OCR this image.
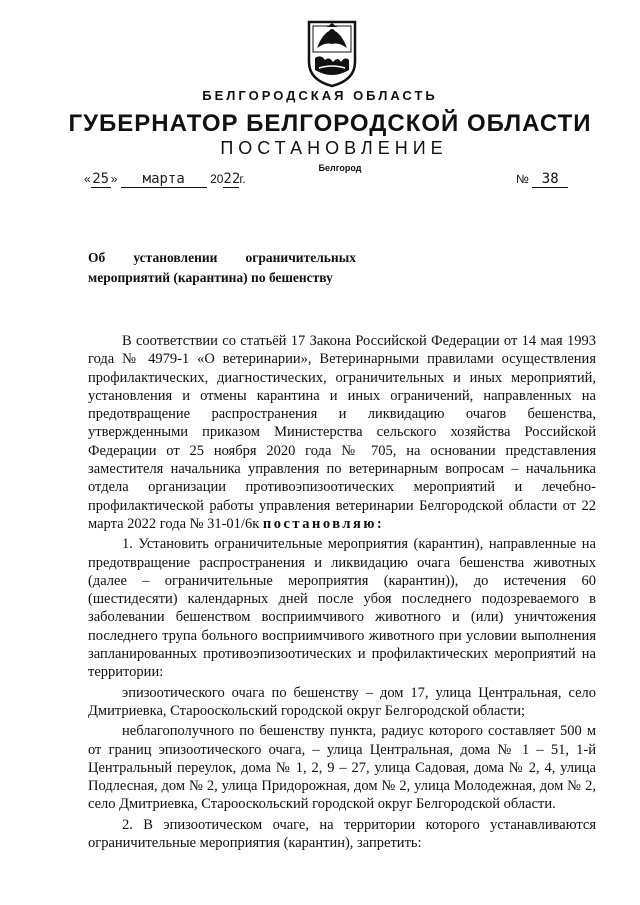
БЕЛГОРОДСКАЯ ОБЛАСТЬ
ГУБЕРНАТОР БЕЛГОРОДСКОЙ ОБЛАСТИ
ПОСТАНОВЛЕНИЕ
Белгород
« 25 » марта 2022г.	№ 38
Об установлении ограничительных мероприятий (карантина) по бешенству

В соответствии со статьёй 17 Закона Российской Федерации от 14 мая 1993 года № 4979-1 «О ветеринарии», Ветеринарными правилами осуществления профилактических, диагностических, ограничительных и иных мероприятий, установления и отмены карантина и иных ограничений, направленных на предотвращение распространения и ликвидацию очагов бешенства, утвержденными приказом Министерства сельского хозяйства Российской Федерации от 25 ноября 2020 года № 705, на основании представления заместителя начальника управления по ветеринарным вопросам – начальника отдела организации противоэпизоотических мероприятий и лечебно-профилактической работы управления ветеринарии Белгородской области от 22 марта 2022 года № 31-01/6к постановляю:

1. Установить ограничительные мероприятия (карантин), направленные на предотвращение распространения и ликвидацию очага бешенства животных (далее – ограничительные мероприятия (карантин)), до истечения 60 (шестидесяти) календарных дней после убоя последнего подозреваемого в заболевании бешенством восприимчивого животного и (или) уничтожения последнего трупа больного восприимчивого животного при условии выполнения запланированных противоэпизоотических и профилактических мероприятий на территории:

эпизоотического очага по бешенству – дом 17, улица Центральная, село Дмитриевка, Старооскольский городской округ Белгородской области;

неблагополучного по бешенству пункта, радиус которого составляет 500 м от границ эпизоотического очага, – улица Центральная, дома № 1 – 51, 1-й Центральный переулок, дома № 1, 2, 9 – 27, улица Садовая, дома № 2, 4, улица Подлесная, дом № 2, улица Придорожная, дом № 2, улица Молодежная, дом № 2, село Дмитриевка, Старооскольский городской округ Белгородской области.

2. В эпизоотическом очаге, на территории которого устанавливаются ограничительные мероприятия (карантин), запретить:
